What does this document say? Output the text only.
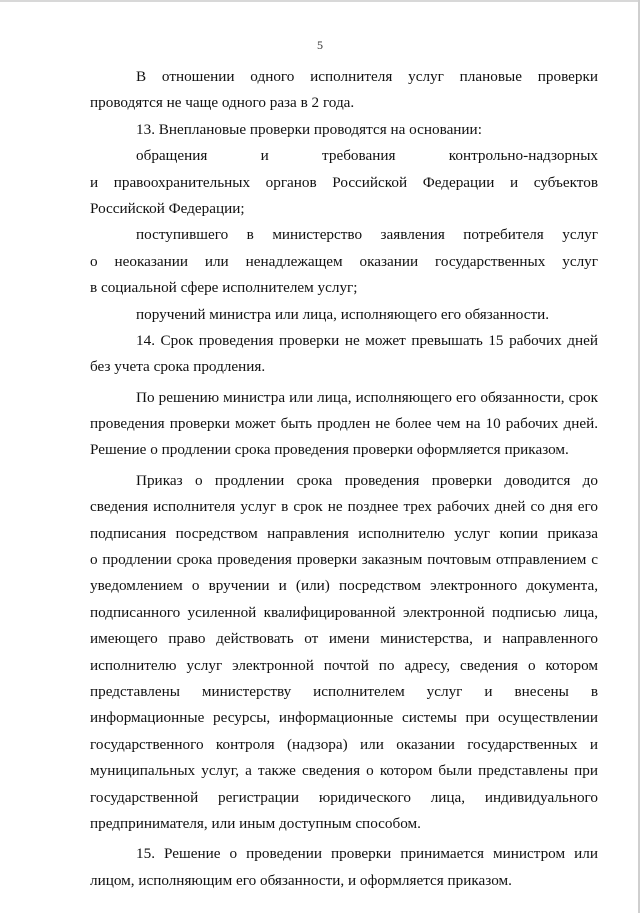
5
В отношении одного исполнителя услуг плановые проверки
проводятся не чаще одного раза в 2 года.
13. Внеплановые проверки проводятся на основании:
обращения и требования контрольно-надзорных
и правоохранительных органов Российской Федерации и субъектов
Российской Федерации;
поступившего в министерство заявления потребителя услуг
о неоказании или ненадлежащем оказании государственных услуг
в социальной сфере исполнителем услуг;
поручений министра или лица, исполняющего его обязанности.
14. Срок проведения проверки не может превышать 15 рабочих дней
без учета срока продления.
По решению министра или лица, исполняющего его обязанности, срок
проведения проверки может быть продлен не более чем на 10 рабочих дней.
Решение о продлении срока проведения проверки оформляется приказом.
Приказ о продлении срока проведения проверки доводится до
сведения исполнителя услуг в срок не позднее трех рабочих дней со дня его
подписания посредством направления исполнителю услуг копии приказа
о продлении срока проведения проверки заказным почтовым отправлением с
уведомлением о вручении и (или) посредством электронного документа,
подписанного усиленной квалифицированной электронной подписью лица,
имеющего право действовать от имени министерства, и направленного
исполнителю услуг электронной почтой по адресу, сведения о котором
представлены министерству исполнителем услуг и внесены в
информационные ресурсы, информационные системы при осуществлении
государственного контроля (надзора) или оказании государственных и
муниципальных услуг, а также сведения о котором были представлены при
государственной регистрации юридического лица, индивидуального
предпринимателя, или иным доступным способом.
15. Решение о проведении проверки принимается министром или
лицом, исполняющим его обязанности, и оформляется приказом.
